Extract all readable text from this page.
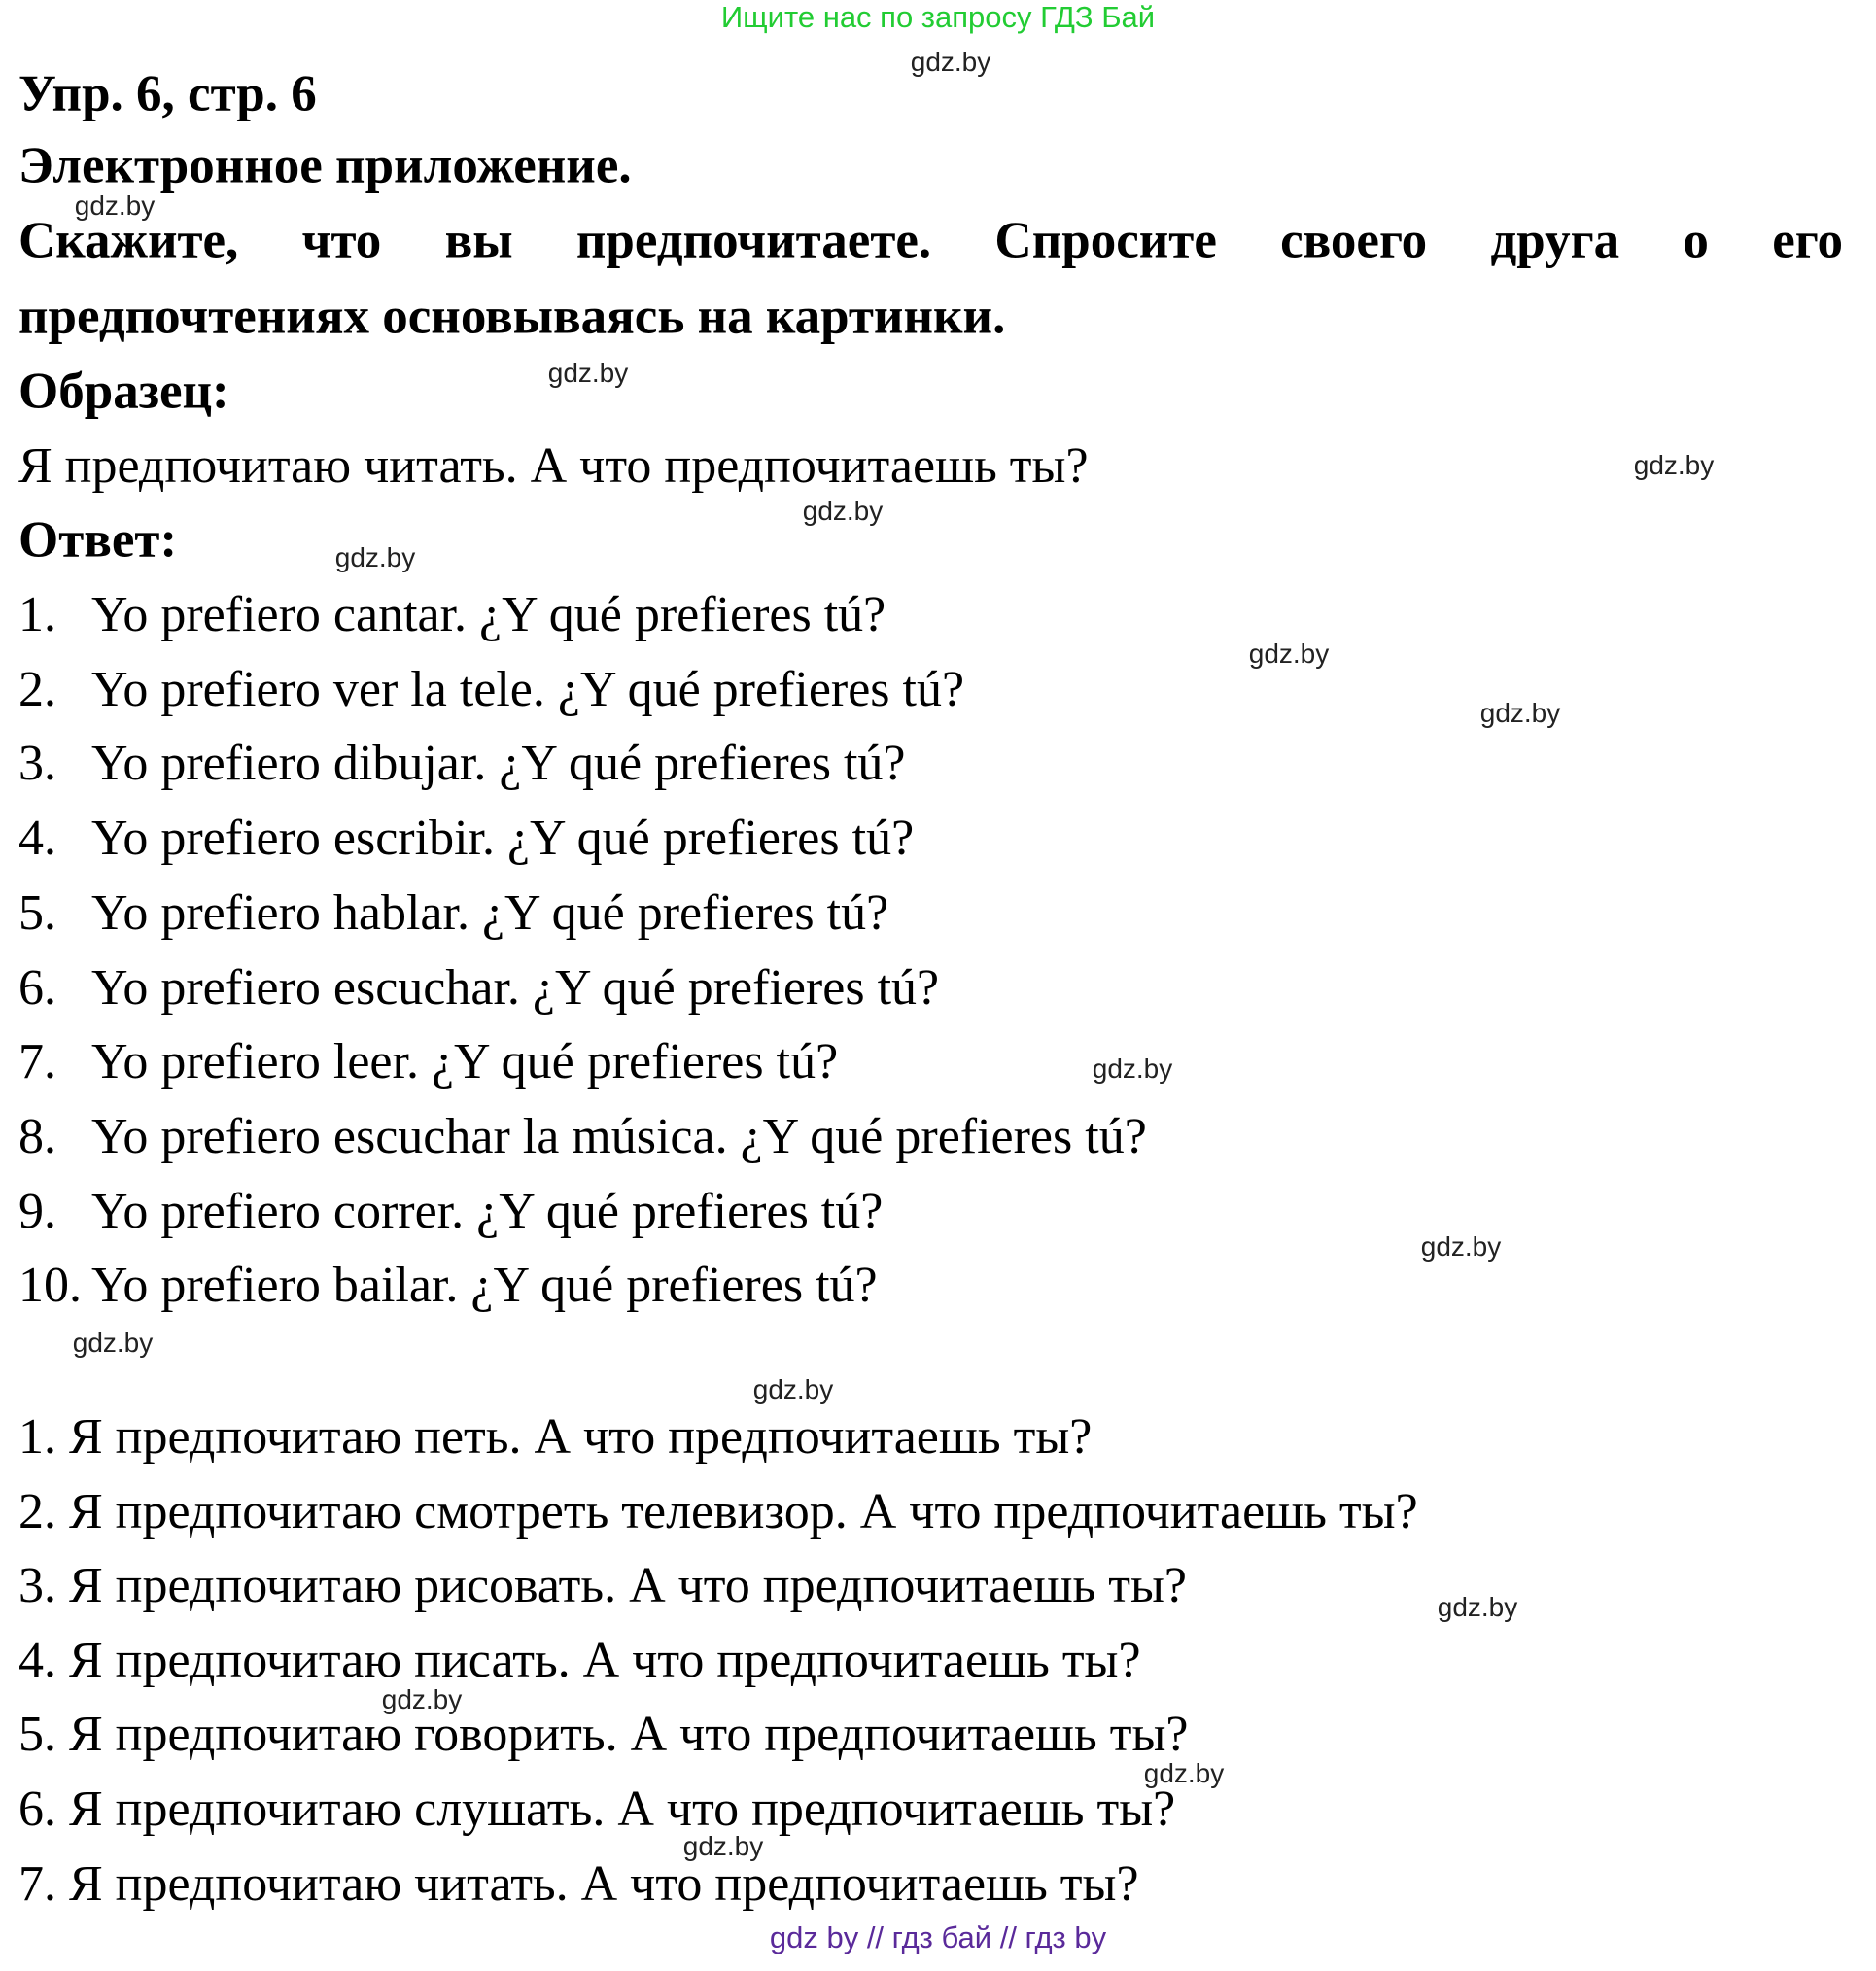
Ищите нас по запросу ГДЗ Бай
Упр. 6, стр. 6
Электронное приложение.
Скажите, что вы предпочитаете. Спросите своего друга о его
предпочтениях основываясь на картинки.
Образец:
Я предпочитаю читать. А что предпочитаешь ты?
Ответ:
1. Yo prefiero cantar. ¿Y qué prefieres tú?
2. Yo prefiero ver la tele. ¿Y qué prefieres tú?
3. Yo prefiero dibujar. ¿Y qué prefieres tú?
4. Yo prefiero escribir. ¿Y qué prefieres tú?
5. Yo prefiero hablar. ¿Y qué prefieres tú?
6. Yo prefiero escuchar. ¿Y qué prefieres tú?
7. Yo prefiero leer. ¿Y qué prefieres tú?
8. Yo prefiero escuchar la música. ¿Y qué prefieres tú?
9. Yo prefiero correr. ¿Y qué prefieres tú?
10. Yo prefiero bailar. ¿Y qué prefieres tú?
1. Я предпочитаю петь. А что предпочитаешь ты?
2. Я предпочитаю смотреть телевизор. А что предпочитаешь ты?
3. Я предпочитаю рисовать. А что предпочитаешь ты?
4. Я предпочитаю писать. А что предпочитаешь ты?
5. Я предпочитаю говорить. А что предпочитаешь ты?
6. Я предпочитаю слушать. А что предпочитаешь ты?
7. Я предпочитаю читать. А что предпочитаешь ты?
gdz.by
gdz.by
gdz.by
gdz.by
gdz.by
gdz.by
gdz.by
gdz.by
gdz.by
gdz.by
gdz.by
gdz.by
gdz.by
gdz.by
gdz.by
gdz.by
gdz by // гдз бай // гдз by
